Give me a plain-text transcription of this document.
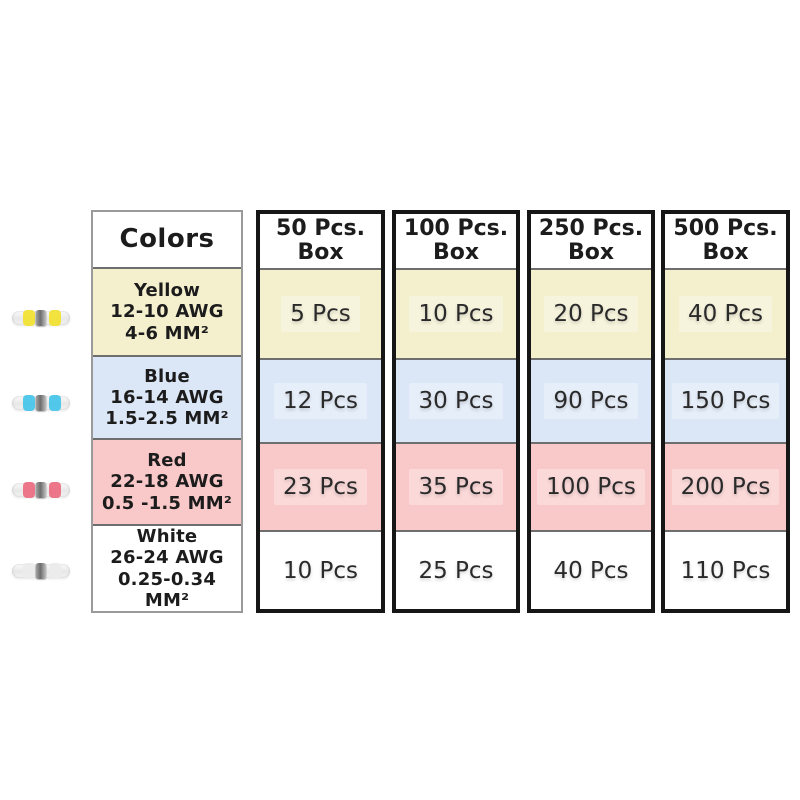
Colors
Yellow
12-10 AWG
4-6 MM²
Blue
16-14 AWG
1.5-2.5 MM²
Red
22-18 AWG
0.5 -1.5 MM²
White
26-24 AWG
0.25-0.34 MM²
50 Pcs.
Box
5 Pcs
12 Pcs
23 Pcs
10 Pcs
100 Pcs.
Box
10 Pcs
30 Pcs
35 Pcs
25 Pcs
250 Pcs.
Box
20 Pcs
90 Pcs
100 Pcs
40 Pcs
500 Pcs.
Box
40 Pcs
150 Pcs
200 Pcs
110 Pcs
